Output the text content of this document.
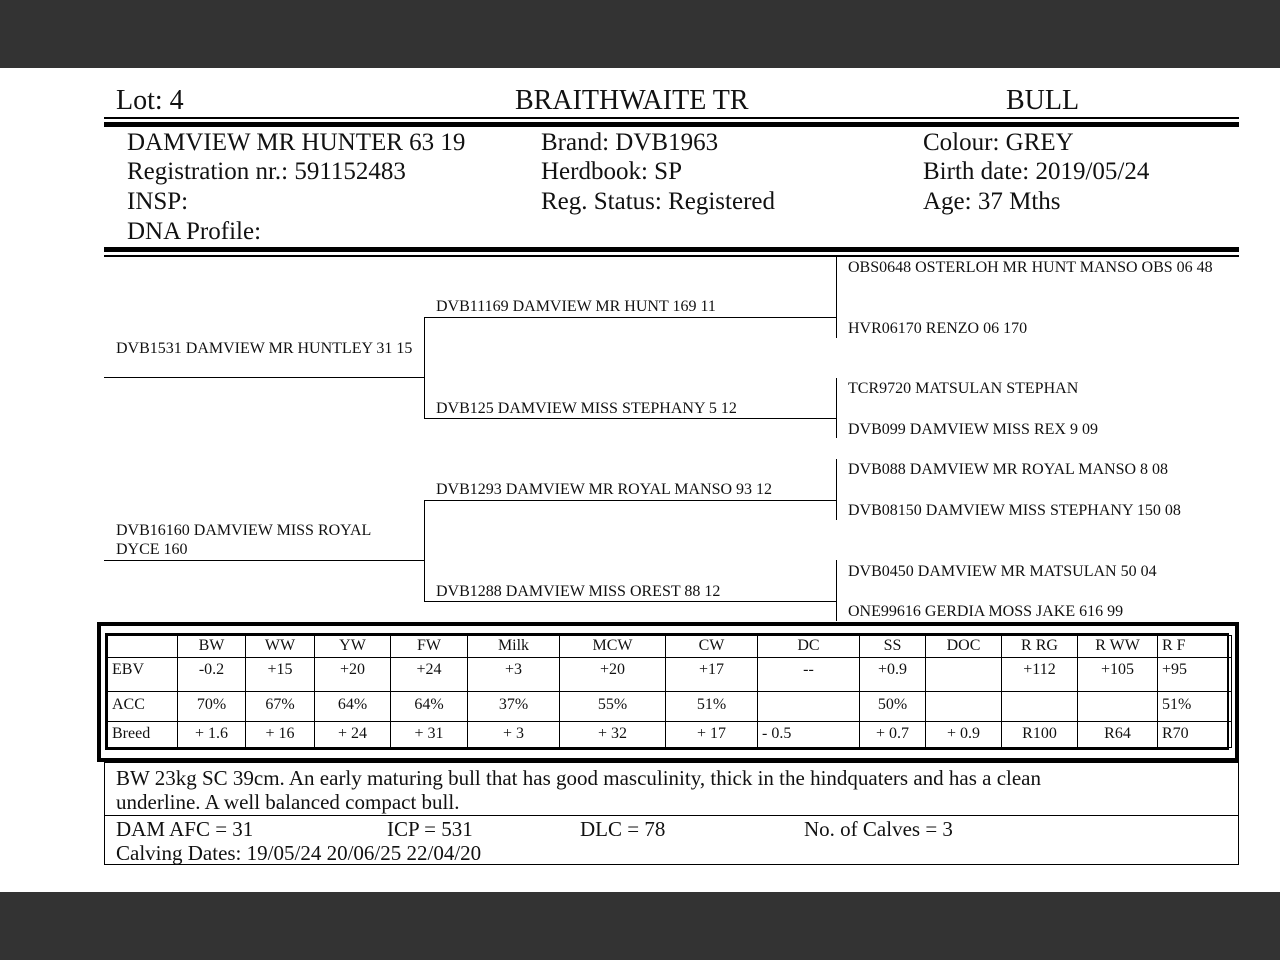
Lot: 4	BRAITHWAITE TR	BULL
DAMVIEW MR HUNTER 63 19
Registration nr.: 591152483
INSP:
DNA Profile:
Brand: DVB1963
Herdbook: SP
Reg. Status: Registered
Colour: GREY
Birth date: 2019/05/24
Age: 37 Mths
DVB1531 DAMVIEW MR HUNTLEY 31 15
DVB16160 DAMVIEW MISS ROYAL DYCE 160
DVB11169 DAMVIEW MR HUNT 169 11
DVB125 DAMVIEW MISS STEPHANY 5 12
DVB1293 DAMVIEW MR ROYAL MANSO 93 12
DVB1288 DAMVIEW MISS OREST 88 12
OBS0648 OSTERLOH MR HUNT MANSO OBS 06 48
HVR06170 RENZO 06 170
TCR9720 MATSULAN STEPHAN
DVB099 DAMVIEW MISS REX 9 09
DVB088 DAMVIEW MR ROYAL MANSO 8 08
DVB08150 DAMVIEW MISS STEPHANY 150 08
DVB0450 DAMVIEW MR MATSULAN 50 04
ONE99616 GERDIA MOSS JAKE 616 99
	BW	WW	YW	FW	Milk	MCW	CW	DC	SS	DOC	R RG	R WW	R F
EBV	-0.2	+15	+20	+24	+3	+20	+17	--	+0.9		+112	+105	+95
ACC	70%	67%	64%	64%	37%	55%	51%		50%				51%
Breed	+ 1.6	+ 16	+ 24	+ 31	+ 3	+ 32	+ 17	- 0.5	+ 0.7	+ 0.9	R100	R64	R70
BW 23kg SC 39cm. An early maturing bull that has good masculinity, thick in the hindquaters and has a clean
underline. A well balanced compact bull.
DAM AFC = 31	ICP = 531	DLC = 78	No. of Calves = 3
Calving Dates: 19/05/24 20/06/25 22/04/20
